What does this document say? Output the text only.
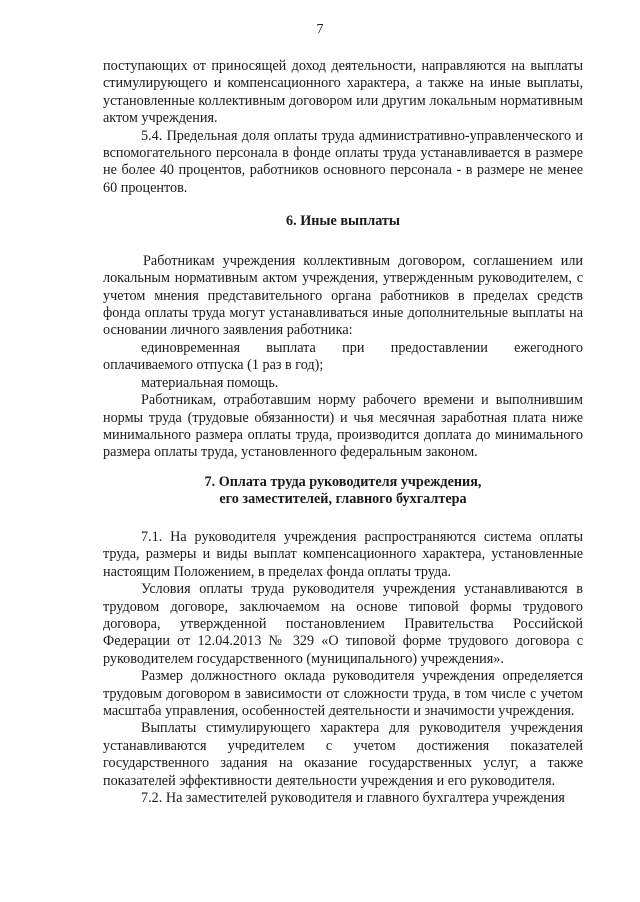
7

поступающих от приносящей доход деятельности, направляются на выплаты стимулирующего и компенсационного характера, а также на иные выплаты, установленные коллективным договором или другим локальным нормативным актом учреждения.

5.4. Предельная доля оплаты труда административно-управленческого и вспомогательного персонала в фонде оплаты труда устанавливается в размере не более 40 процентов, работников основного персонала - в размере не менее 60 процентов.

6. Иные выплаты

Работникам учреждения коллективным договором, соглашением или локальным нормативным актом учреждения, утвержденным руководителем, с учетом мнения представительного органа работников в пределах средств фонда оплаты труда могут устанавливаться иные дополнительные выплаты на основании личного заявления работника:

единовременная выплата при предоставлении ежегодного оплачиваемого отпуска (1 раз в год);

материальная помощь.

Работникам, отработавшим норму рабочего времени и выполнившим нормы труда (трудовые обязанности) и чья месячная заработная плата ниже минимального размера оплаты труда, производится доплата до минимального размера оплаты труда, установленного федеральным законом.

7. Оплата труда руководителя учреждения,
его заместителей, главного бухгалтера

7.1. На руководителя учреждения распространяются система оплаты труда, размеры и виды выплат компенсационного характера, установленные настоящим Положением, в пределах фонда оплаты труда.

Условия оплаты труда руководителя учреждения устанавливаются в трудовом договоре, заключаемом на основе типовой формы трудового договора, утвержденной постановлением Правительства Российской Федерации от 12.04.2013 № 329 «О типовой форме трудового договора с руководителем государственного (муниципального) учреждения».

Размер должностного оклада руководителя учреждения определяется трудовым договором в зависимости от сложности труда, в том числе с учетом масштаба управления, особенностей деятельности и значимости учреждения.

Выплаты стимулирующего характера для руководителя учреждения устанавливаются учредителем с учетом достижения показателей государственного задания на оказание государственных услуг, а также показателей эффективности деятельности учреждения и его руководителя.

7.2. На заместителей руководителя и главного бухгалтера учреждения
